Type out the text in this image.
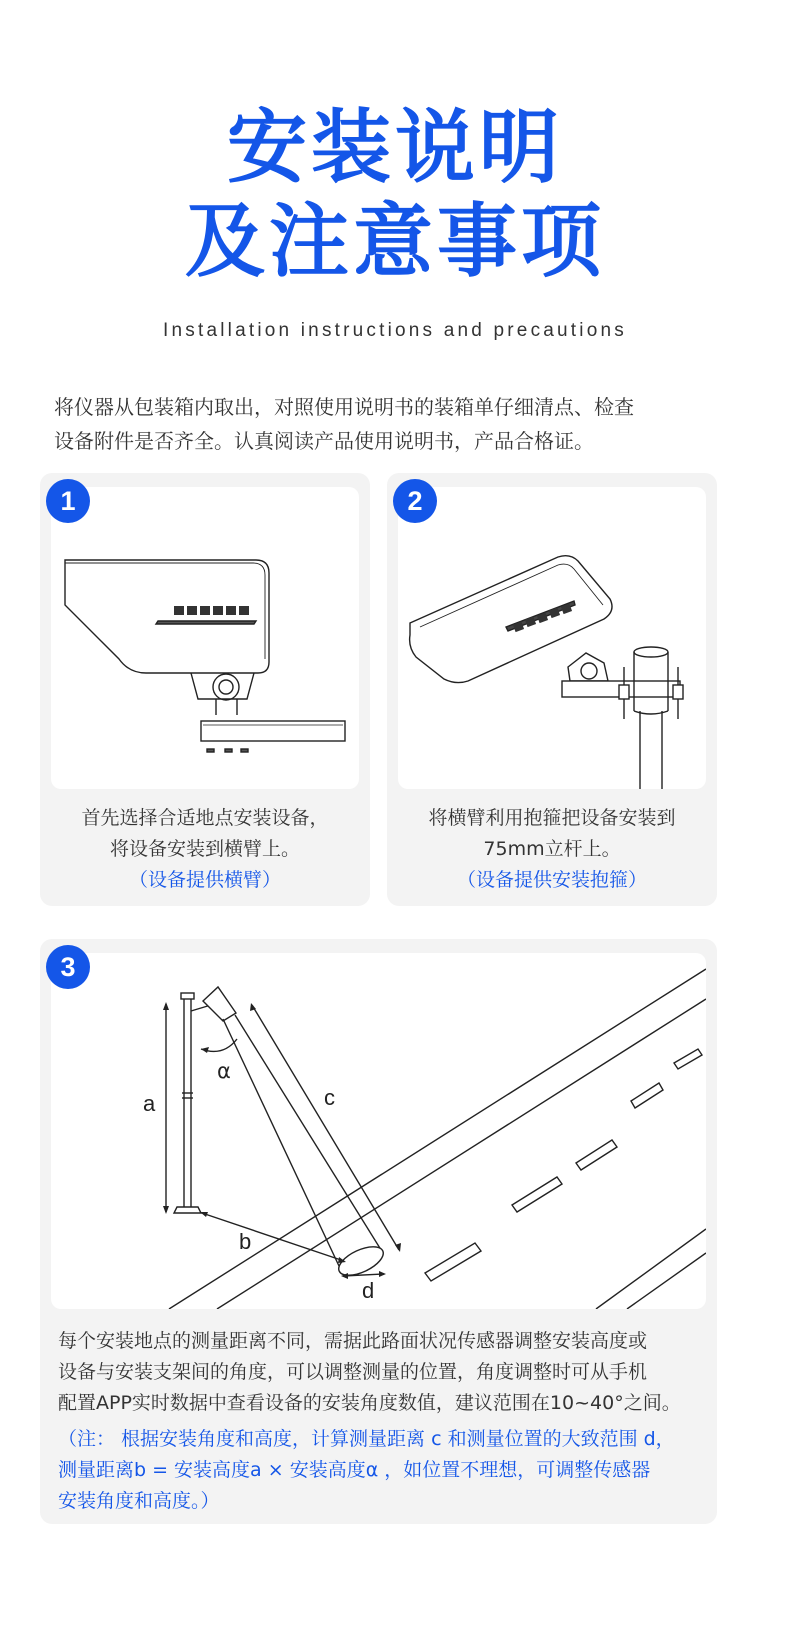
安装说明
及注意事项
Installation instructions and precautions
将仪器从包装箱内取出，对照使用说明书的装箱单仔细清点、检查
设备附件是否齐全。认真阅读产品使用说明书，产品合格证。
1
首先选择合适地点安装设备，
将设备安装到横臂上。
（设备提供横臂）
2
将横臂利用抱箍把设备安装到
75mm立杆上。
（设备提供安装抱箍）
a
α
c
b
d
3
每个安装地点的测量距离不同，需据此路面状况传感器调整安装高度或
设备与安装支架间的角度，可以调整测量的位置，角度调整时可从手机
配置APP实时数据中查看设备的安装角度数值，建议范围在10~40°之间。
（注： 根据安装角度和高度，计算测量距离 c 和测量位置的大致范围 d，
测量距离b = 安装高度a × 安装高度α ，如位置不理想，可调整传感器
安装角度和高度。）
